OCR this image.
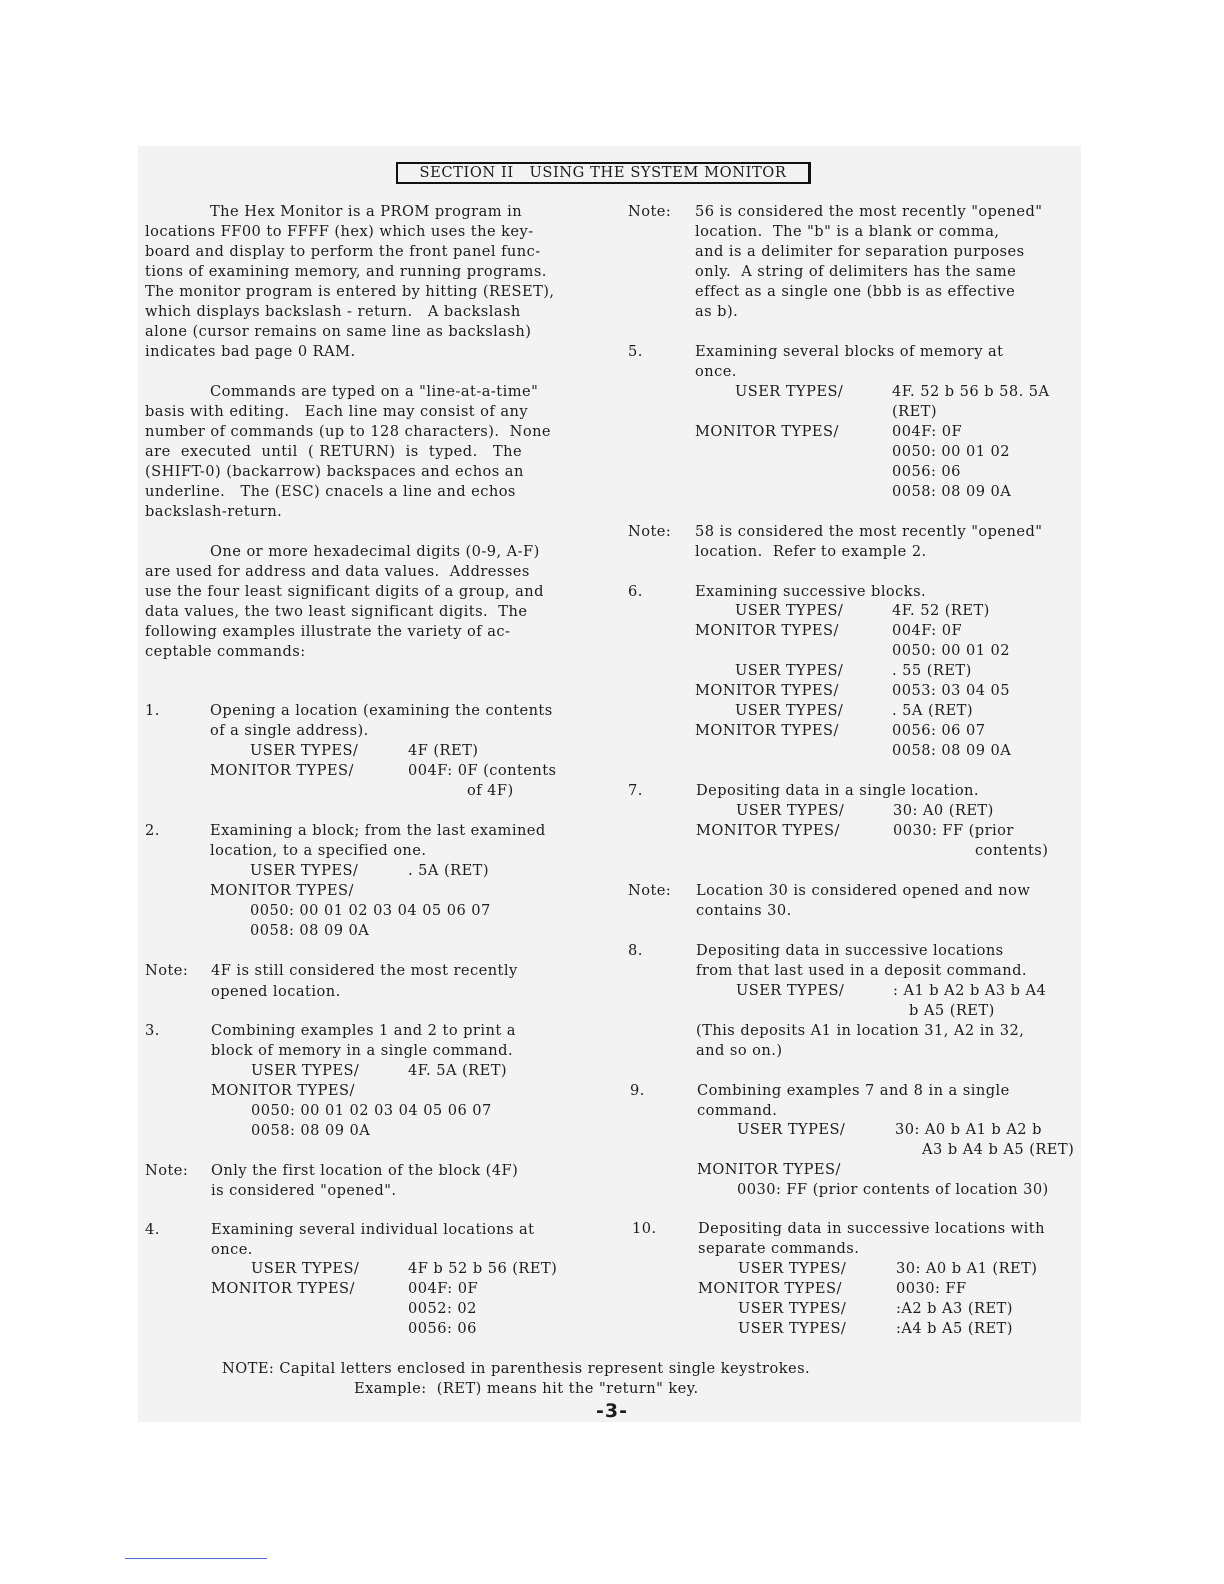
SECTION II   USING THE SYSTEM MONITOR
The Hex Monitor is a PROM program in
locations FF00 to FFFF (hex) which uses the key-
board and display to perform the front panel func-
tions of examining memory, and running programs.
The monitor program is entered by hitting (RESET),
which displays backslash - return.   A backslash
alone (cursor remains on same line as backslash)
indicates bad page 0 RAM.
Commands are typed on a "line-at-a-time"
basis with editing.   Each line may consist of any
number of commands (up to 128 characters).  None
are  executed  until  ( RETURN)  is  typed.   The
(SHIFT-0) (backarrow) backspaces and echos an
underline.   The (ESC) cnacels a line and echos
backslash-return.
One or more hexadecimal digits (0-9, A-F)
are used for address and data values.  Addresses
use the four least significant digits of a group, and
data values, the two least significant digits.  The
following examples illustrate the variety of ac-
ceptable commands:
1.	Opening a location (examining the contents
of a single address).
USER TYPES/	4F (RET)
MONITOR TYPES/	004F: 0F (contents
of 4F)
2.	Examining a block; from the last examined
location, to a specified one.
USER TYPES/	. 5A (RET)
MONITOR TYPES/
0050: 00 01 02 03 04 05 06 07
0058: 08 09 0A
Note: 4F is still considered the most recently
opened location.
3.	Combining examples 1 and 2 to print a
block of memory in a single command.
USER TYPES/	4F. 5A (RET)
MONITOR TYPES/
0050: 00 01 02 03 04 05 06 07
0058: 08 09 0A
Note: Only the first location of the block (4F)
is considered "opened".
4.	Examining several individual locations at
once.
USER TYPES/	4F b 52 b 56 (RET)
MONITOR TYPES/	004F: 0F
0052: 02
0056: 06
Note: 56 is considered the most recently "opened"
location.  The "b" is a blank or comma,
and is a delimiter for separation purposes
only.  A string of delimiters has the same
effect as a single one (bbb is as effective
as b).
5.	Examining several blocks of memory at
once.
USER TYPES/	4F. 52 b 56 b 58. 5A
(RET)
MONITOR TYPES/	004F: 0F
0050: 00 01 02
0056: 06
0058: 08 09 0A
Note: 58 is considered the most recently "opened"
location.  Refer to example 2.
6.	Examining successive blocks.
USER TYPES/	4F. 52 (RET)
MONITOR TYPES/	004F: 0F
0050: 00 01 02
USER TYPES/	. 55 (RET)
MONITOR TYPES/	0053: 03 04 05
USER TYPES/	. 5A (RET)
MONITOR TYPES/	0056: 06 07
0058: 08 09 0A
7.	Depositing data in a single location.
USER TYPES/	30: A0 (RET)
MONITOR TYPES/	0030: FF (prior
contents)
Note: Location 30 is considered opened and now
contains 30.
8.	Depositing data in successive locations
from that last used in a deposit command.
USER TYPES/	: A1 b A2 b A3 b A4
b A5 (RET)
(This deposits A1 in location 31, A2 in 32,
and so on.)
9.	Combining examples 7 and 8 in a single
command.
USER TYPES/	30: A0 b A1 b A2 b
A3 b A4 b A5 (RET)
MONITOR TYPES/
0030: FF (prior contents of location 30)
10.	Depositing data in successive locations with
separate commands.
USER TYPES/	30: A0 b A1 (RET)
MONITOR TYPES/	0030: FF
USER TYPES/	:A2 b A3 (RET)
USER TYPES/	:A4 b A5 (RET)
NOTE: Capital letters enclosed in parenthesis represent single keystrokes.
Example:  (RET) means hit the "return" key.
-3-
